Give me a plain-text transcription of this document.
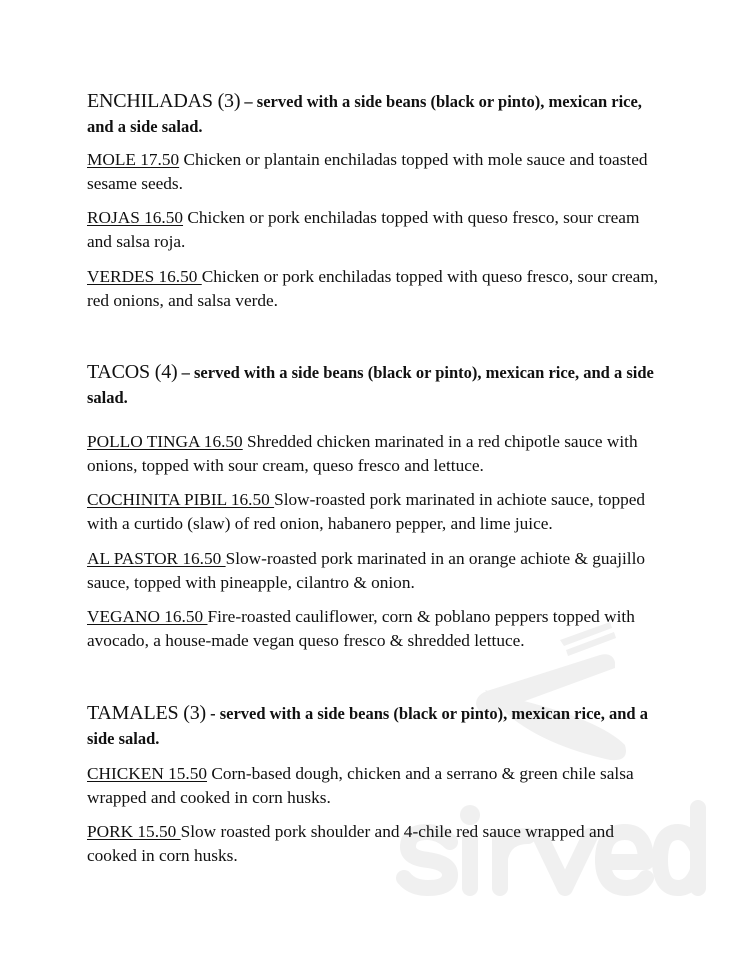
ENCHILADAS (3) – served with a side beans (black or pinto), mexican rice, and a side salad.

MOLE 17.50 Chicken or plantain enchiladas topped with mole sauce and toasted sesame seeds.

ROJAS 16.50 Chicken or pork enchiladas topped with queso fresco, sour cream and salsa roja.

VERDES 16.50 Chicken or pork enchiladas topped with queso fresco, sour cream, red onions, and salsa verde.

TACOS (4) – served with a side beans (black or pinto), mexican rice, and a side salad.

POLLO TINGA 16.50 Shredded chicken marinated in a red chipotle sauce with onions, topped with sour cream, queso fresco and lettuce.

COCHINITA PIBIL 16.50 Slow-roasted pork marinated in achiote sauce, topped with a curtido (slaw) of red onion, habanero pepper, and lime juice.

AL PASTOR 16.50 Slow-roasted pork marinated in an orange achiote & guajillo sauce, topped with pineapple, cilantro & onion.

VEGANO 16.50 Fire-roasted cauliflower, corn & poblano peppers topped with avocado, a house-made vegan queso fresco & shredded lettuce.

TAMALES (3) - served with a side beans (black or pinto), mexican rice, and a side salad.

CHICKEN 15.50 Corn-based dough, chicken and a serrano & green chile salsa wrapped and cooked in corn husks.

PORK 15.50 Slow roasted pork shoulder and 4-chile red sauce wrapped and cooked in corn husks.
